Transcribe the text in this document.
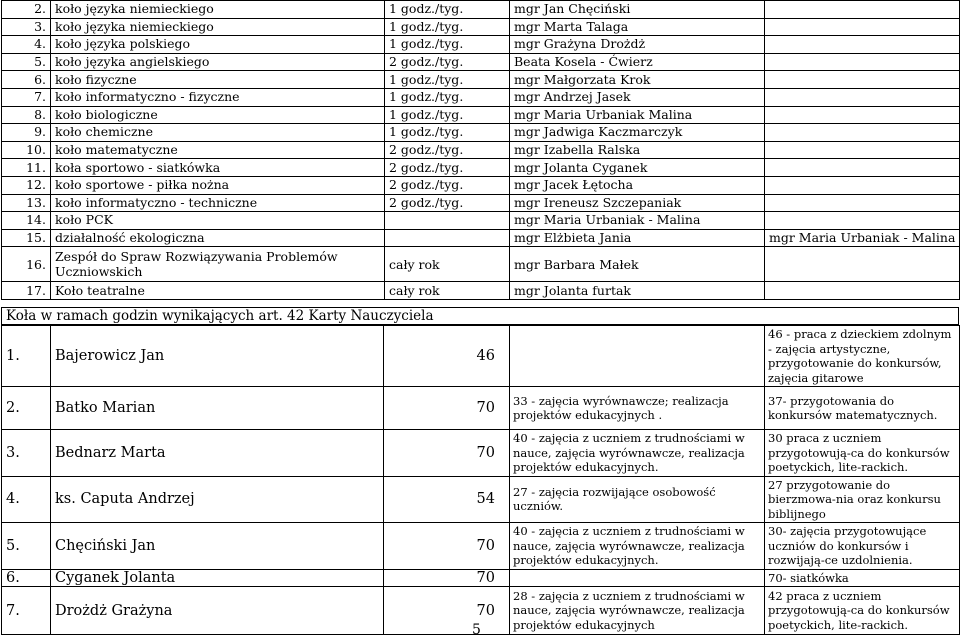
2.	koło języka niemieckiego	1 godz./tyg.	mgr Jan Chęciński	
3.	koło języka niemieckiego	1 godz./tyg.	mgr Marta Talaga	
4.	koło języka polskiego	1 godz./tyg.	mgr Grażyna Drożdż	
5.	koło języka angielskiego	2 godz./tyg.	Beata Kosela - Ćwierz	
6.	koło fizyczne	1 godz./tyg.	mgr Małgorzata Krok	
7.	koło informatyczno - fizyczne	1 godz./tyg.	mgr Andrzej Jasek	
8.	koło biologiczne	1 godz./tyg.	mgr Maria Urbaniak Malina	
9.	koło chemiczne	1 godz./tyg.	mgr Jadwiga Kaczmarczyk	
10.	koło matematyczne	2 godz./tyg.	mgr Izabella Ralska	
11.	koła sportowo - siatkówka	2 godz./tyg.	mgr Jolanta Cyganek	
12.	koło sportowe - piłka nożna	2 godz./tyg.	mgr Jacek Łętocha	
13.	koło informatyczno - techniczne	2 godz./tyg.	mgr Ireneusz Szczepaniak	
14.	koło PCK		mgr Maria Urbaniak - Malina	
15.	działalność ekologiczna		mgr Elżbieta Jania	mgr Maria Urbaniak - Malina
16.	Zespół do Spraw Rozwiązywania Problemów Uczniowskich	cały rok	mgr Barbara Małek	
17.	Koło teatralne	cały rok	mgr Jolanta furtak	
Koła w ramach godzin wynikających art. 42 Karty Nauczyciela
1.	Bajerowicz Jan	46		46 - praca z dzieckiem zdolnym - zajęcia artystyczne, przygotowanie do konkursów, zajęcia gitarowe
2.	Batko Marian	70	33 - zajęcia wyrównawcze; realizacja projektów edukacyjnych .	37- przygotowania do konkursów matematycznych.
3.	Bednarz Marta	70	40 - zajęcia z uczniem z trudnościami w nauce, zajęcia wyrównawcze, realizacja projektów edukacyjnych.	30 praca z uczniem przygotowują-ca do konkursów poetyckich, lite-rackich.
4.	ks. Caputa Andrzej	54	27 - zajęcia rozwijające osobowość uczniów.	27 przygotowanie do bierzmowa-nia oraz konkursu biblijnego
5.	Chęciński Jan	70	40 - zajęcia z uczniem z trudnościami w nauce, zajęcia wyrównawcze, realizacja projektów edukacyjnych.	30- zajęcia przygotowujące uczniów do konkursów i rozwijają-ce uzdolnienia.
6.	Cyganek Jolanta	70		70- siatkówka
7.	Drożdż Grażyna	70	28 - zajęcia z uczniem z trudnościami w nauce, zajęcia wyrównawcze, realizacja projektów edukacyjnych	42 praca z uczniem przygotowują-ca do konkursów poetyckich, lite-rackich.
5
